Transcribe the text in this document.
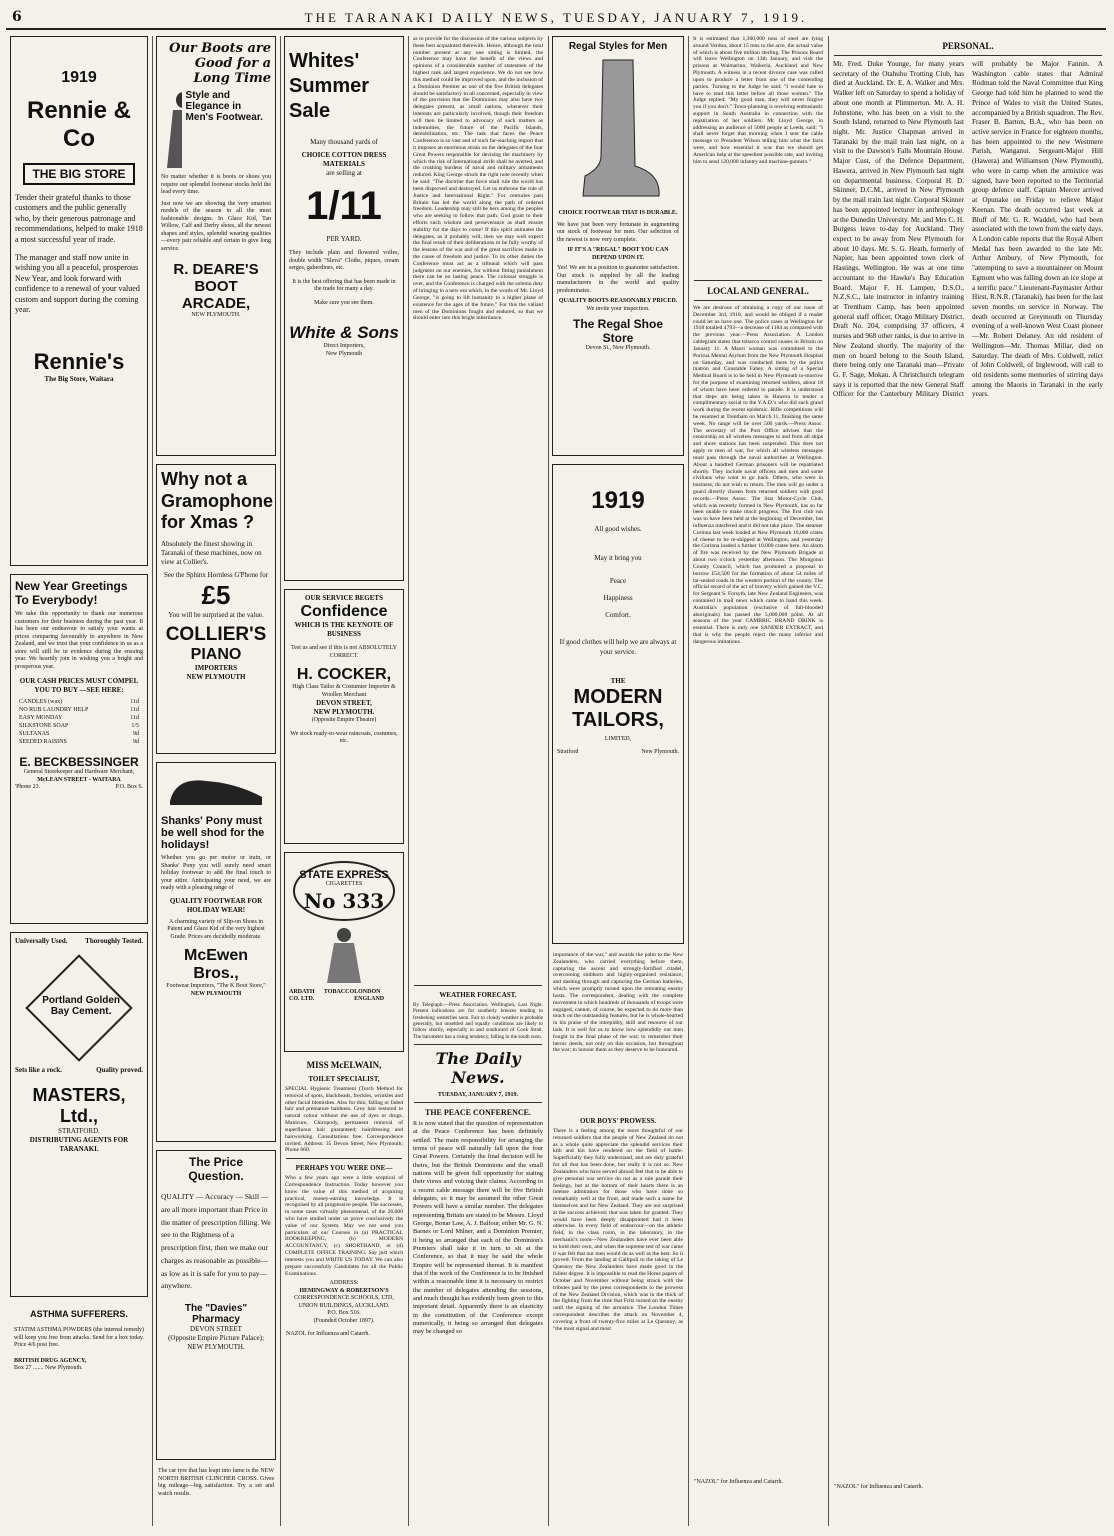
6	THE TARANAKI DAILY NEWS, TUESDAY, JANUARY 7, 1919.
1919
Rennie & Co
THE BIG STORE
Tender their grateful thanks to those customers and the public generally who, by their generous patronage and recommendations, helped to make 1918 a most successful year of trade.
The manager and staff now unite in wishing you all a peaceful, prosperous New Year, and look forward with confidence to a renewal of your valued custom and support during the coming year.
Rennie's
The Big Store, Waitara
New Year Greetings To Everybody!
We take this opportunity to thank our numerous customers for their business during the past year. It has been our endeavour to satisfy your wants at prices comparing favourably to anywhere in New Zealand, and we trust that your confidence in us as a store will still be in evidence during the ensuing year. We heartily join in wishing you a bright and prosperous year.
OUR CASH PRICES MUST COMPEL YOU TO BUY —SEE HERE:
CANDLES (wax)	11d
NO RUB LAUNDRY HELP	11d
EASY MONDAY	11d
SILKSTONE SOAP	1/5
SULTANAS	9d
SEEDED RAISINS	9d
E. BECKBESSINGER
General Storekeeper and Hardware Merchant,
McLEAN STREET - WAITARA
'Phone 23.	P.O. Box 6.
Universally Used.	Thoroughly Tested.
Portland Golden Bay Cement.
Sets like a rock.	Quality proved.
MASTERS, Ltd.,
STRATFORD.
DISTRIBUTING AGENTS FOR TARANAKI.
ASTHMA SUFFERERS.
STATIM ASTHMA POWDERS (the internal remedy) will keep you free from attacks. Send for a box today. Price 4/6 post free.
BRITISH DRUG AGENCY,
Box 27 ....... New Plymouth.
Our Boots are Good for a Long Time
Style and Elegance in Men's Footwear.
No matter whether it is boots or shoes you require our splendid footwear stocks hold the lead every time.
Just now we are showing the very smartest models of the season in all the most fashionable designs. In Glace Kid, Tan Willow, Calf and Derby shoes, all the newest shapes and styles, splendid wearing qualities—every pair reliable and certain to give long service.
R. DEARE'S
BOOT
ARCADE,
NEW PLYMOUTH.
Why not a Gramophone for Xmas ?
Absolutely the finest showing in Taranaki of these machines, now on view at Collier's.
See the Sphinx Hornless G'Phone for
£5
You will be surprised at the value.
COLLIER'S
PIANO
IMPORTERS
NEW PLYMOUTH
Shanks' Pony must be well shod for the holidays!
Whether you go per motor or train, or Shanks' Pony you will surely need smart holiday footwear to add the final touch to your attire. Anticipating your need, we are ready with a pleasing range of
QUALITY FOOTWEAR FOR HOLIDAY WEAR!
A charming variety of Slip-on Shoes in Patent and Glace Kid of the very highest Grade. Prices are decidedly moderate.
McEwen Bros.,
Footwear Importers, "The K Boot Store,"
NEW PLYMOUTH
The Price Question.
QUALITY — Accuracy — Skill — are all more important than Price in the matter of prescription filling. We see to the Rightness of a prescription first, then we make our charges as reasonable as possible—as low as it is safe for you to pay—anywhere.
The "Davies" Pharmacy
DEVON STREET
(Opposite Empire Picture Palace);
NEW PLYMOUTH.
The car tyre that has leapt into fame is the NEW NORTH BRITISH CLINCHER CROSS. Gives big mileage—big satisfaction. Try a set and watch results.
Whites' Summer Sale
Many thousand yards of
CHOICE COTTON DRESS MATERIALS
are selling at
1/11
PER YARD.
They include plain and flowered voiles, double width "Sleva" Cloths, piques, cream serges, gaberdines, etc.
It is the best offering that has been made in the trade for many a day.
Make sure you see them.
White & Sons
Direct Importers,
New Plymouth
OUR SERVICE BEGETS
Confidence
WHICH IS THE KEYNOTE OF BUSINESS
Test us and see if this is not ABSOLUTELY CORRECT.
H. COCKER,
High Class Tailor & Costumier Importer & Woollen Merchant
DEVON STREET,
NEW PLYMOUTH.
(Opposite Empire Theatre)
We stock ready-to-wear raincoats, costumes, etc.
STATE EXPRESS
CIGARETTES
No 333
ARDATH TOBACCO CO. LTD.
LONDON ENGLAND
MISS McELWAIN,
TOILET SPECIALIST,
SPECIAL Hygienic Treatment (Torch Method for removal of spots, blackheads, freckles, wrinkles and other facial blemishes. Also for thin, falling or faded hair and premature baldness. Grey hair restored to natural colour without the use of dyes or drugs. Manicure, Chiropody, permanent removal of superfluous hair guaranteed; hairdressing and hairworking. Consultations free. Correspondence invited. Address: 35 Devon Street, New Plymouth; Phone 660.
PERHAPS YOU WERE ONE—
Who a few years ago were a little sceptical of Correspondence Instruction. Today however you know the value of this method of acquiring practical, money-earning knowledge. It is recognised by all progressive people. The successes, in some cases virtually phenomenal, of the 26,000 who have studied under us prove conclusively the value of our System. May we not send you particulars of our Courses in (a) PRACTICAL BOOKKEEPING, (b) MODERN ACCOUNTANCY, (c) SHORTHAND, or (d) COMPLETE OFFICE TRAINING. Say just which interests you and WRITE US TODAY. We can also prepare successfully Candidates for all the Public Examinations.
ADDRESS:
HEMINGWAY & ROBERTSON'S
CORRESPONDENCE SCHOOLS, LTD,
UNION BUILDINGS, AUCKLAND.
P.O. Box 516.
(Founded October 1897).
NAZOL for Influenza and Catarrh.
as to provide for the discussion of the various subjects by these best acquainted therewith. Hence, although the total number present at any one sitting is limited, the Conference may have the benefit of the views and opinions of a considerable number of statesmen of the highest rank and largest experience. We do not see how this method could be improved upon, and the inclusion of a Dominion Premier as one of the five British delegates should be satisfactory to all concerned, especially in view of the provision that the Dominions may also have two delegates present, as small nations, whenever their interests are particularly involved, though their freedom will then be limited to advocacy of such matters as indemnities, the future of the Pacific Islands, demobilisation, etc. The task that faces the Peace Conference is so vast and of such far-reaching import that it imposes an enormous strain on the delegates of the four Great Powers responsible for devising the machinery by which the risk of International strife shall be averted, and the crushing burdens of naval and military armaments reduced. King George struck the right note recently when he said: "The doctrine that force shall rule the world has been disproved and destroyed. Let us enthrone the rule of Justice and International Right." For centuries past Britain has led the world along the path of ordered freedom. Leadership may still be hers among the peoples who are seeking to follow that path. God grant to their efforts such wisdom and perseverance as shall ensure stability for the days to come! If this spirit animates the delegates, as it probably will, then we may well expect the final result of their deliberations to be fully worthy of the lessons of the war and of the great sacrifices made in the cause of freedom and justice. To its other duties the Conference must act as a tribunal which will pass judgment on our enemies, for without fitting punishment there can be no lasting peace. The colossal struggle is over, and the Conference is charged with the solemn duty of bringing in a new era which, in the words of Mr. Lloyd George, "is going to lift humanity to a higher plane of existence for the ages of the future." For this the valiant men of the Dominions fought and endured, so that we should enter into this bright inheritance.
WEATHER FORECAST.
By Telegraph.—Press Association. Wellington, Last Night. Present indications are for southerly breezes tending to freshening westerlies soon. Fair to cloudy weather is probable generally, but unsettled and squally conditions are likely to follow shortly, especially in and southward of Cook Strait. The barometer has a rising tendency, falling in the south soon.
The Daily News.
TUESDAY, JANUARY 7, 1919.
THE PEACE CONFERENCE.
It is now stated that the question of representation at the Peace Conference has been definitely settled. The main responsibility for arranging the terms of peace will naturally fall upon the four Great Powers. Certainly the final decision will be theirs, but the British Dominions and the small nations will be given full opportunity for stating their views and voicing their claims. According to a recent cable message there will be five British delegates, so it may be assumed the other Great Powers will have a similar number. The delegates representing Britain are stated to be Messrs. Lloyd George, Bonar Law, A. J. Balfour, either Mr. G. N. Barnes or Lord Milner, and a Dominion Premier, it being so arranged that each of the Dominion's Premiers shall take it in turn to sit at the Conference, so that it may be said the whole Empire will be represented thereat. It is manifest that if the work of the Conference is to be finished within a reasonable time it is necessary to restrict the number of delegates attending the sessions, and much thought has evidently been given to this important detail. Apparently there is an elasticity in the constitution of the Conference except numerically, it being so arranged that delegates may be changed so
Regal Styles for Men
CHOICE FOOTWEAR THAT IS DURABLE.
We have just been very fortunate in augmenting our stock of footwear for men. Our selection of the newest is now very complete.
IF IT'S A "REGAL" BOOT YOU CAN DEPEND UPON IT.
Yes! We are in a position to guarantee satisfaction. Our stock is supplied by all the leading manufacturers in the world and quality predominates.
QUALITY BOOTS REASONABLY PRICED.
We invite your inspection.
The Regal Shoe Store
Devon St., New Plymouth.
1919
All good wishes.
May it bring you
Peace
Happiness
Comfort.
If good clothes will help we are always at your service.
THE
MODERN
TAILORS,
LIMITED,
Stratford	New Plymouth.
importance of the war," and awards the palm to the New Zealanders, who carried everything before them, capturing the ascent and strongly-fortified citadel, overcoming stubborn and highly-organised resistance, and dashing through and capturing the German batteries, which were promptly turned upon the retreating enemy hosts. The correspondent, dealing with the complete movement in which hundreds of thousands of troops were engaged, cannot, of course, be expected to do more than touch on the outstanding features, but he is whole-hearted in his praise of the intrepidity, skill and resource of our lads. It is well for us to know how splendidly our men fought in the final phase of the war; to remember their heroic deeds, not only on this occasion, but throughout the war; to honour them as they deserve to be honoured.
OUR BOYS' PROWESS.
There is a feeling among the more thoughtful of our returned soldiers that the people of New Zealand do not as a whole quite appreciate the splendid services their kith and kin have rendered on the field of battle. Superficially they fully understand, and are duly grateful for all that has been done, but really it is not so. New Zealanders who have served abroad feel that to be able to give personal war service do not as a rule parade their feelings, but at the bottom of their hearts there is an intense admiration for those who have done so remarkably well at the front, and made such a name for themselves and for New Zealand. They are not surprised at the success achieved; that was taken for granted. They would have been deeply disappointed had it been otherwise. In every field of endeavour—on the athletic field, in the class room, in the laboratory, in the mechanic's room—New Zealanders have ever been able to hold their own, and when the supreme test of war came it was felt that our men would do as well as the best. So it proved. From the landing at Gallipoli to the taking of Le Quesnoy the New Zealanders have made good in the fullest degree. It is impossible to read the Home papers of October and November without being struck with the tributes paid by the press correspondents to the prowess of the New Zealand Division, which was in the thick of the fighting from the time that Fritz turned on the enemy until the signing of the armistice. The London Times correspondent describes the attack on November 4, covering a front of twenty-five miles at Le Quesnoy, as "the most signal and most
It is estimated that 1,300,000 tons of steel are lying around Verdun, about 15 tons to the acre, the actual value of which is about five million sterling. The Prisons Board will leave Wellington on 13th January, and visit the prisons at Waimarino, Waikeria, Auckland and New Plymouth. A witness in a recent divorce case was called upon to produce a letter from one of the contending parties. Turning to the Judge he said: "I would hate to have to read this letter before all those women." The Judge replied: "My good man, they will never forgive you if you don't." Town-planning is receiving enthusiastic support in South Australia in connection with the repatriation of her soldiers. Mr Lloyd George, in addressing an audience of 5000 people at Leeds, said: "I shall never forget that morning when I sent the cable message to President Wilson telling him what the facts were, and how essential it was that we should get American help at the speediest possible rate, and inviting him to send 120,000 infantry and machine-gunners."
LOCAL AND GENERAL.
We are desirous of obtaining a copy of our issue of December 3rd, 1918, and would be obliged if a reader could let us have one. The police cases at Wellington for 1918 totalled 4793—a decrease of 1184 as compared with the previous year.—Press Association. A London cablegram states that tobacco control ceases in Britain on January 11. A Maori woman was committed to the Porirua Mental Asylum from the New Plymouth Hospital on Saturday, and was conducted there by the police matron and Constable Fahey. A sitting of a Special Medical Board is to be held in New Plymouth to-morrow for the purpose of examining returned soldiers, about 18 of whom have been ordered to parade. It is understood that steps are being taken in Hawera to tender a complimentary social to the Y.A.D.'s who did such grand work during the recent epidemic. Rifle competitions will be resumed at Trentham on March 11, finishing the same week. No range will be over 500 yards.—Press Assoc. The secretary of the Post Office advises that the censorship on all wireless messages to and from all ships and shore stations has been suspended. This does not apply to men of war, for which all wireless messages must pass through the naval authorities at Wellington. About a hundred German prisoners will be repatriated shortly. They include naval officers and men and some civilians who want to go back. Others, who were in business, do not wish to return. The men will go under a guard directly chosen from returned soldiers with good records.—Press Assoc. The Star Motor-Cycle Club, which was recently formed in New Plymouth, has so far been unable to make much progress. The first club run was to have been held at the beginning of December, but influenza interfered and it did not take place. The steamer Corinna last week loaded at New Plymouth 10,000 crates of cheese to be re-shipped at Wellington, and yesterday the Corinna loaded a further 10,000 crates here. An alarm of fire was received by the New Plymouth Brigade at about two o'clock yesterday afternoon. The Mongonui County Council, which has promoted a proposal to borrow £54,500 for the formation of about 54 miles of tar-sealed roads in the western portion of the county. The official record of the act of bravery which gained the V.C. for Sergeant S. Forsyth, late New Zealand Engineers, was contained in mail news which came to hand this week. Australia's population (exclusive of full-blooded aboriginals) has passed the 5,000,000 point. At all seasons of the year CAMBRIC BRAND DRINK is essential. There is only one SANDER EXTRACT, and that is why the people reject the many inferior and dangerous imitations.
"NAZOL" for Influenza and Catarrh.
PERSONAL.
Mr. Fred. Duke Younge, for many years secretary of the Otahuhu Trotting Club, has died at Auckland. Dr. E. A. Walker and Mrs. Walker left on Saturday to spend a holiday of about one month at Plimmerton. Mr. A. H. Johnstone, who has been on a visit to the South Island, returned to New Plymouth last night. Mr. Justice Chapman arrived in Taranaki by the mail train last night, on a visit to the Dawson's Falls Mountain House. Major Cust, of the Defence Department, Hawera, arrived in New Plymouth last night on departmental business. Corporal H. D. Skinner, D.C.M., arrived in New Plymouth by the mail train last night. Corporal Skinner has been appointed lecturer in anthropology at the Dunedin University. Mr. and Mrs C. H. Burgess leave to-day for Auckland. They expect to be away from New Plymouth for about 10 days. Mr. S. G. Heath, formerly of Napier, has been appointed town clerk of Hastings, Wellington. He was at one time accountant to the Hawke's Bay Education Board. Major F. H. Lampen, D.S.O., N.Z.S.C., late instructor in infantry training at Trentham Camp, has been appointed general staff officer, Otago Military District. Draft No. 204, comprising 37 officers, 4 nurses and 968 other ranks, is due to arrive in New Zealand shortly. The majority of the men on board belong to the South Island, there being only one Taranaki man—Private G. F. Sage, Mokau. A Christchurch telegram says it is reported that the new General Staff Officer for the Canterbury Military District will probably be Major Fannin. A Washington cable states that Admiral Rodman told the Naval Committee that King George had told him he planned to send the Prince of Wales to visit the United States, accompanied by a British squadron. The Rev. Fraser B. Barton, B.A., who has been on active service in France for eighteen months, has been appointed to the new Westmere Parish, Wanganui. Sergeant-Major Hill (Hawera) and Williamson (New Plymouth), who were in camp when the armistice was signed, have been reported to the Territorial group defence staff. Captain Mercer arrived at Opunake on Friday to relieve Major Keenan. The death occurred last week at Bluff of Mr. G. R. Waddel, who had been associated with the town from the early days. A London cable reports that the Royal Albert Medal has been awarded to the late Mr. Arthur Ambury, of New Plymouth, for "attempting to save a mountaineer on Mount Egmont who was falling down an ice slope at a terrific pace." Lieutenant-Paymaster Arthur Hirst, R.N.R. (Taranaki), has been for the last seven months on service in Norway. The death occurred at Greymouth on Thursday evening of a well-known West Coast pioneer—Mr. Robert Delaney. An old resident of Wellington—Mr. Thomas Millar, died on Saturday. The death of Mrs. Coldwell, relict of John Coldwell, of Inglewood, will call to old residents some memories of stirring days among the Maoris in Taranaki in the early years.
"NAZOL" for Influenza and Catarrh.
